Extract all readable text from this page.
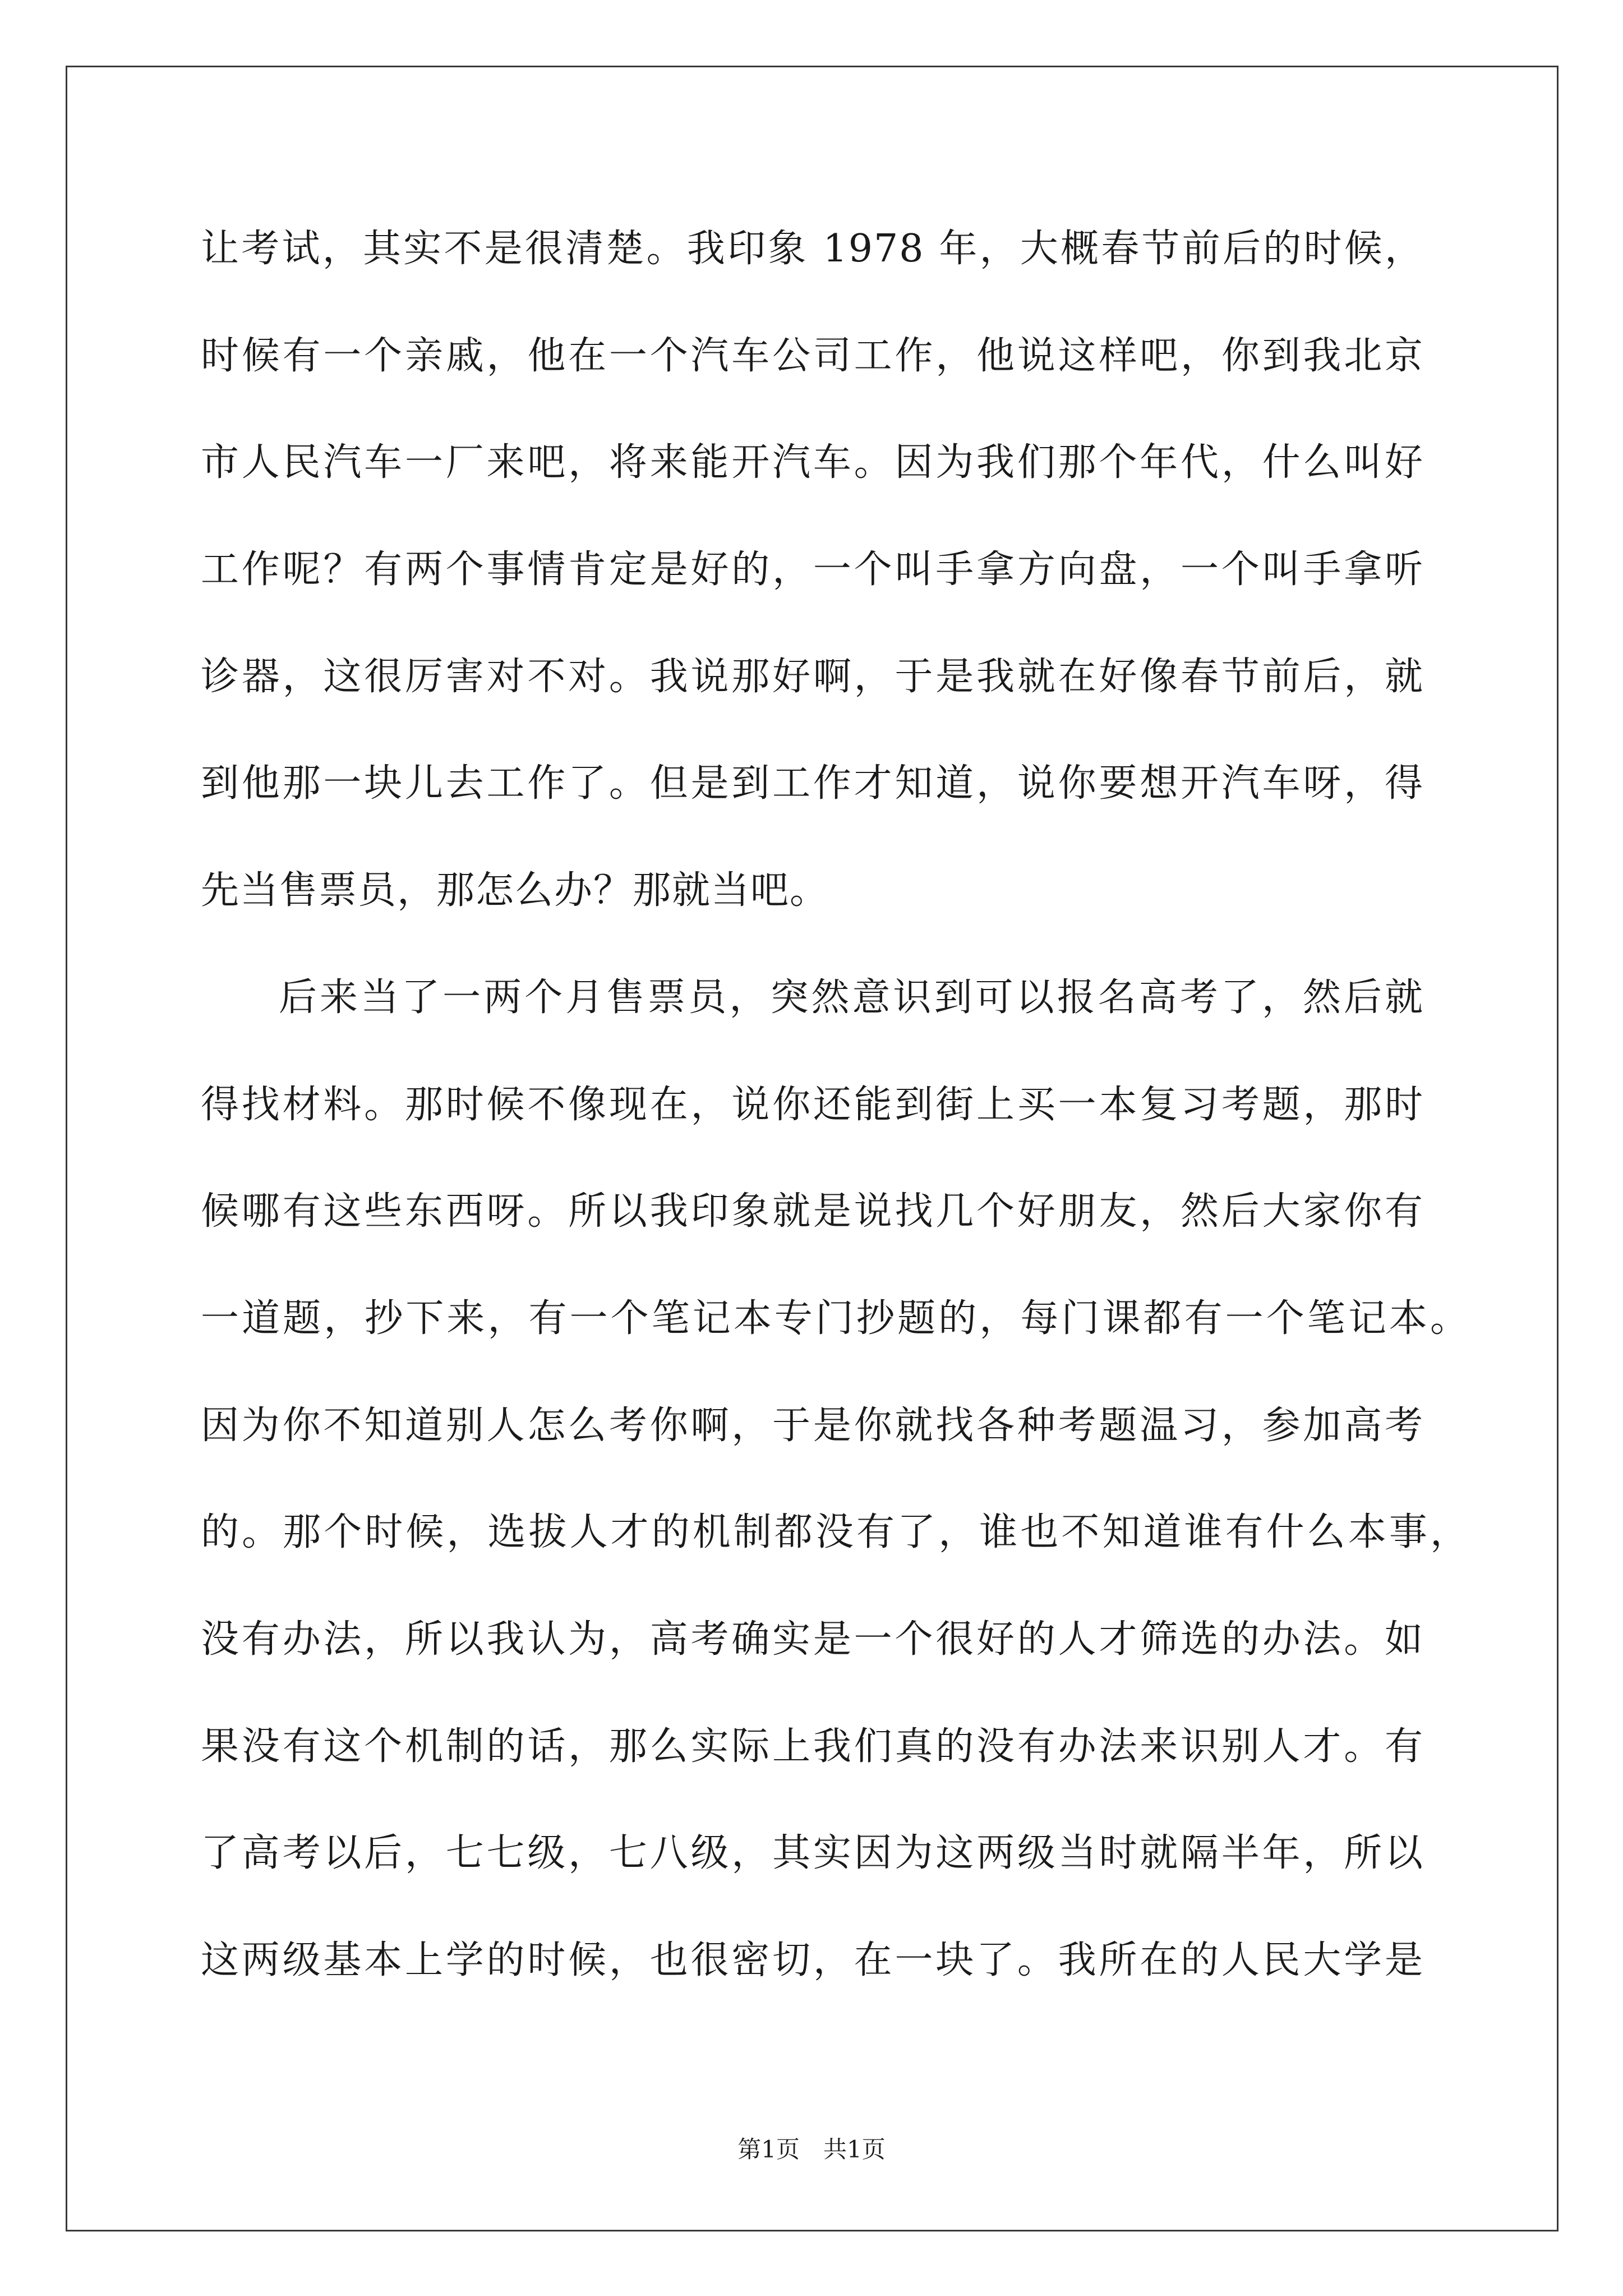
让考试，其实不是很清楚。我印象 1978 年，大概春节前后的时候，
时候有一个亲戚，他在一个汽车公司工作，他说这样吧，你到我北京
市人民汽车一厂来吧，将来能开汽车。因为我们那个年代，什么叫好
工作呢？有两个事情肯定是好的，一个叫手拿方向盘，一个叫手拿听
诊器，这很厉害对不对。我说那好啊，于是我就在好像春节前后，就
到他那一块儿去工作了。但是到工作才知道，说你要想开汽车呀，得
先当售票员，那怎么办？那就当吧。
后来当了一两个月售票员，突然意识到可以报名高考了，然后就
得找材料。那时候不像现在，说你还能到街上买一本复习考题，那时
候哪有这些东西呀。所以我印象就是说找几个好朋友，然后大家你有
一道题，抄下来，有一个笔记本专门抄题的，每门课都有一个笔记本。
因为你不知道别人怎么考你啊，于是你就找各种考题温习，参加高考
的。那个时候，选拔人才的机制都没有了，谁也不知道谁有什么本事，
没有办法，所以我认为，高考确实是一个很好的人才筛选的办法。如
果没有这个机制的话，那么实际上我们真的没有办法来识别人才。有
了高考以后，七七级，七八级，其实因为这两级当时就隔半年，所以
这两级基本上学的时候，也很密切，在一块了。我所在的人民大学是
第1页　共1页
